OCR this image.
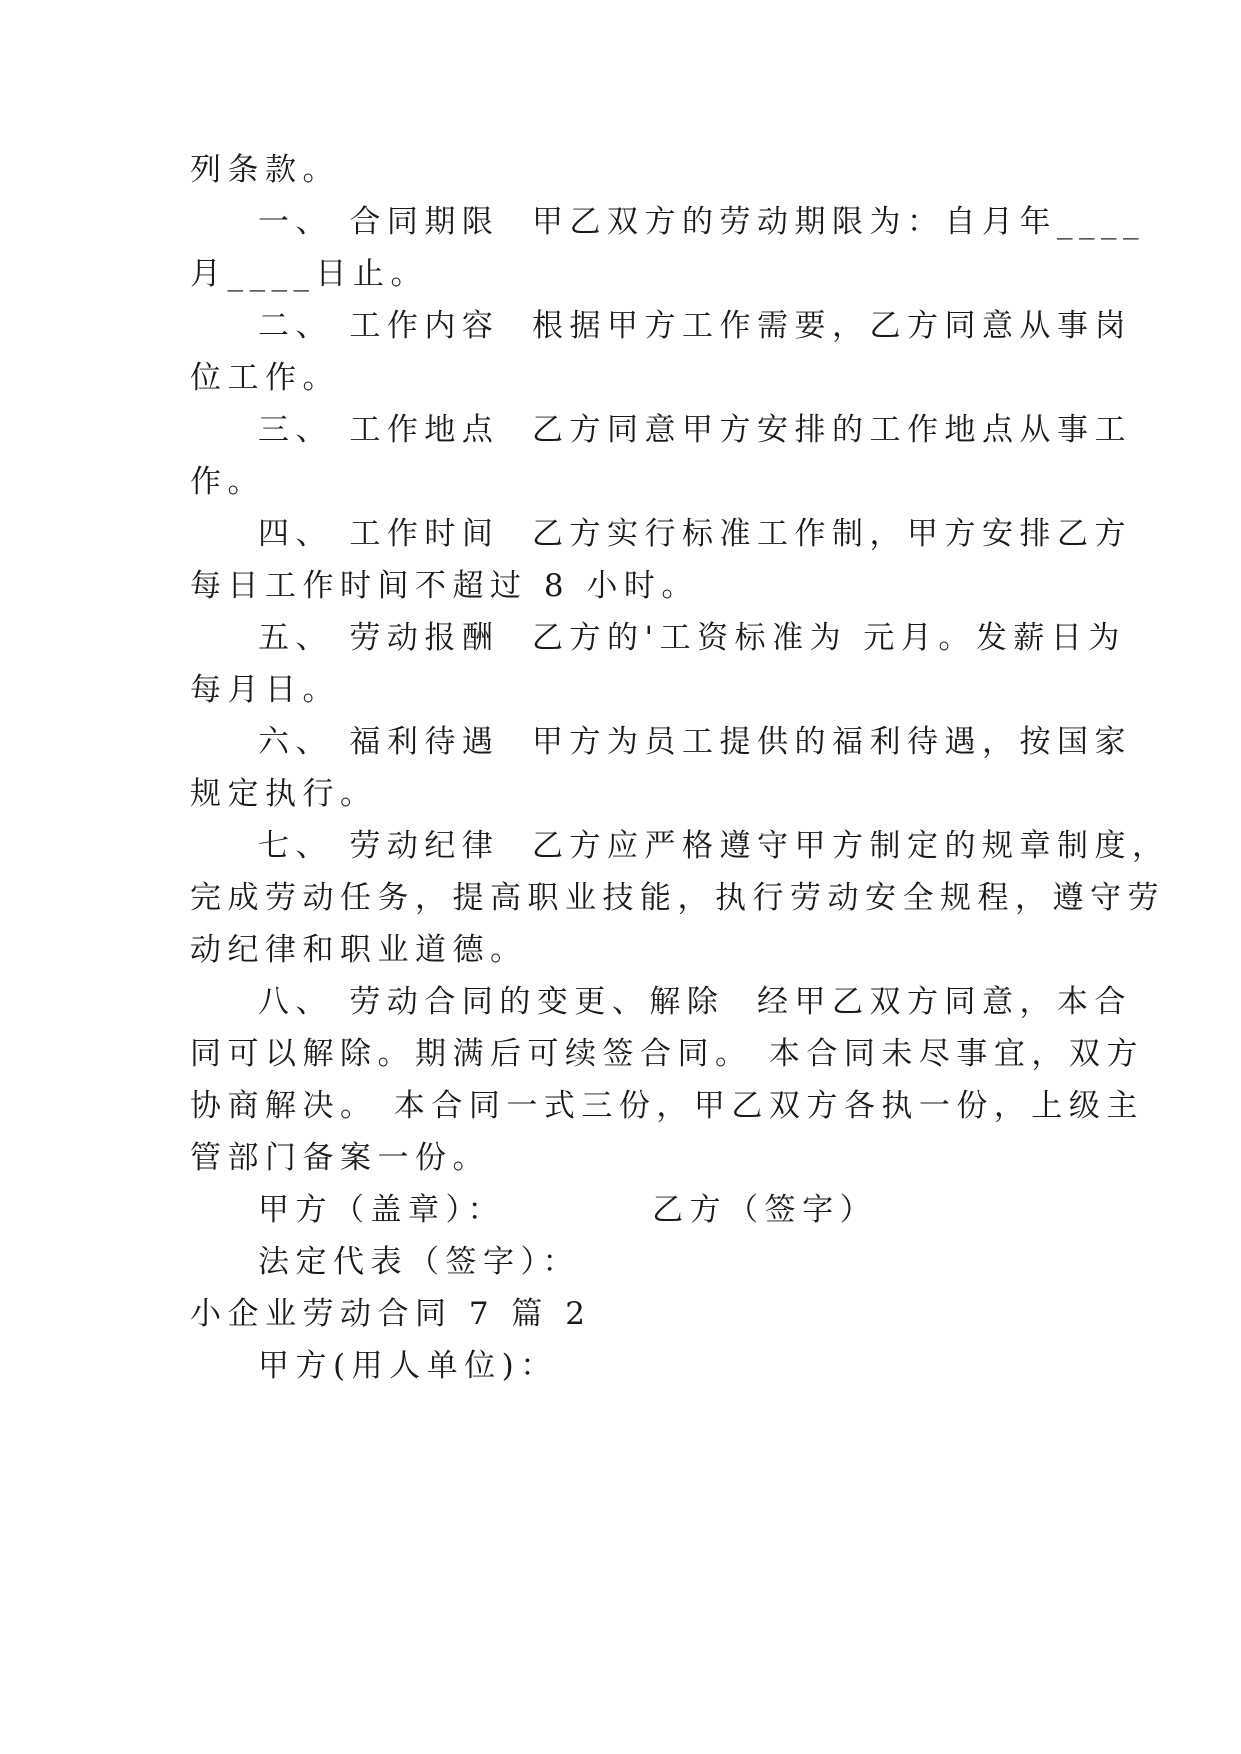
列条款。
一、 合同期限  甲乙双方的劳动期限为：自月年____
月____日止。
二、 工作内容  根据甲方工作需要，乙方同意从事岗
位工作。
三、 工作地点  乙方同意甲方安排的工作地点从事工
作。
四、 工作时间  乙方实行标准工作制，甲方安排乙方
每日工作时间不超过 8 小时。
五、 劳动报酬  乙方的'工资标准为 元月。发薪日为
每月日。
六、 福利待遇  甲方为员工提供的福利待遇，按国家
规定执行。
七、 劳动纪律  乙方应严格遵守甲方制定的规章制度，
完成劳动任务，提高职业技能，执行劳动安全规程，遵守劳
动纪律和职业道德。
八、 劳动合同的变更、解除  经甲乙双方同意，本合
同可以解除。期满后可续签合同。 本合同未尽事宜，双方
协商解决。 本合同一式三份，甲乙双方各执一份，上级主
管部门备案一份。
甲方（盖章）：         乙方（签字）
法定代表（签字）：
小企业劳动合同 7 篇 2
甲方(用人单位)：
